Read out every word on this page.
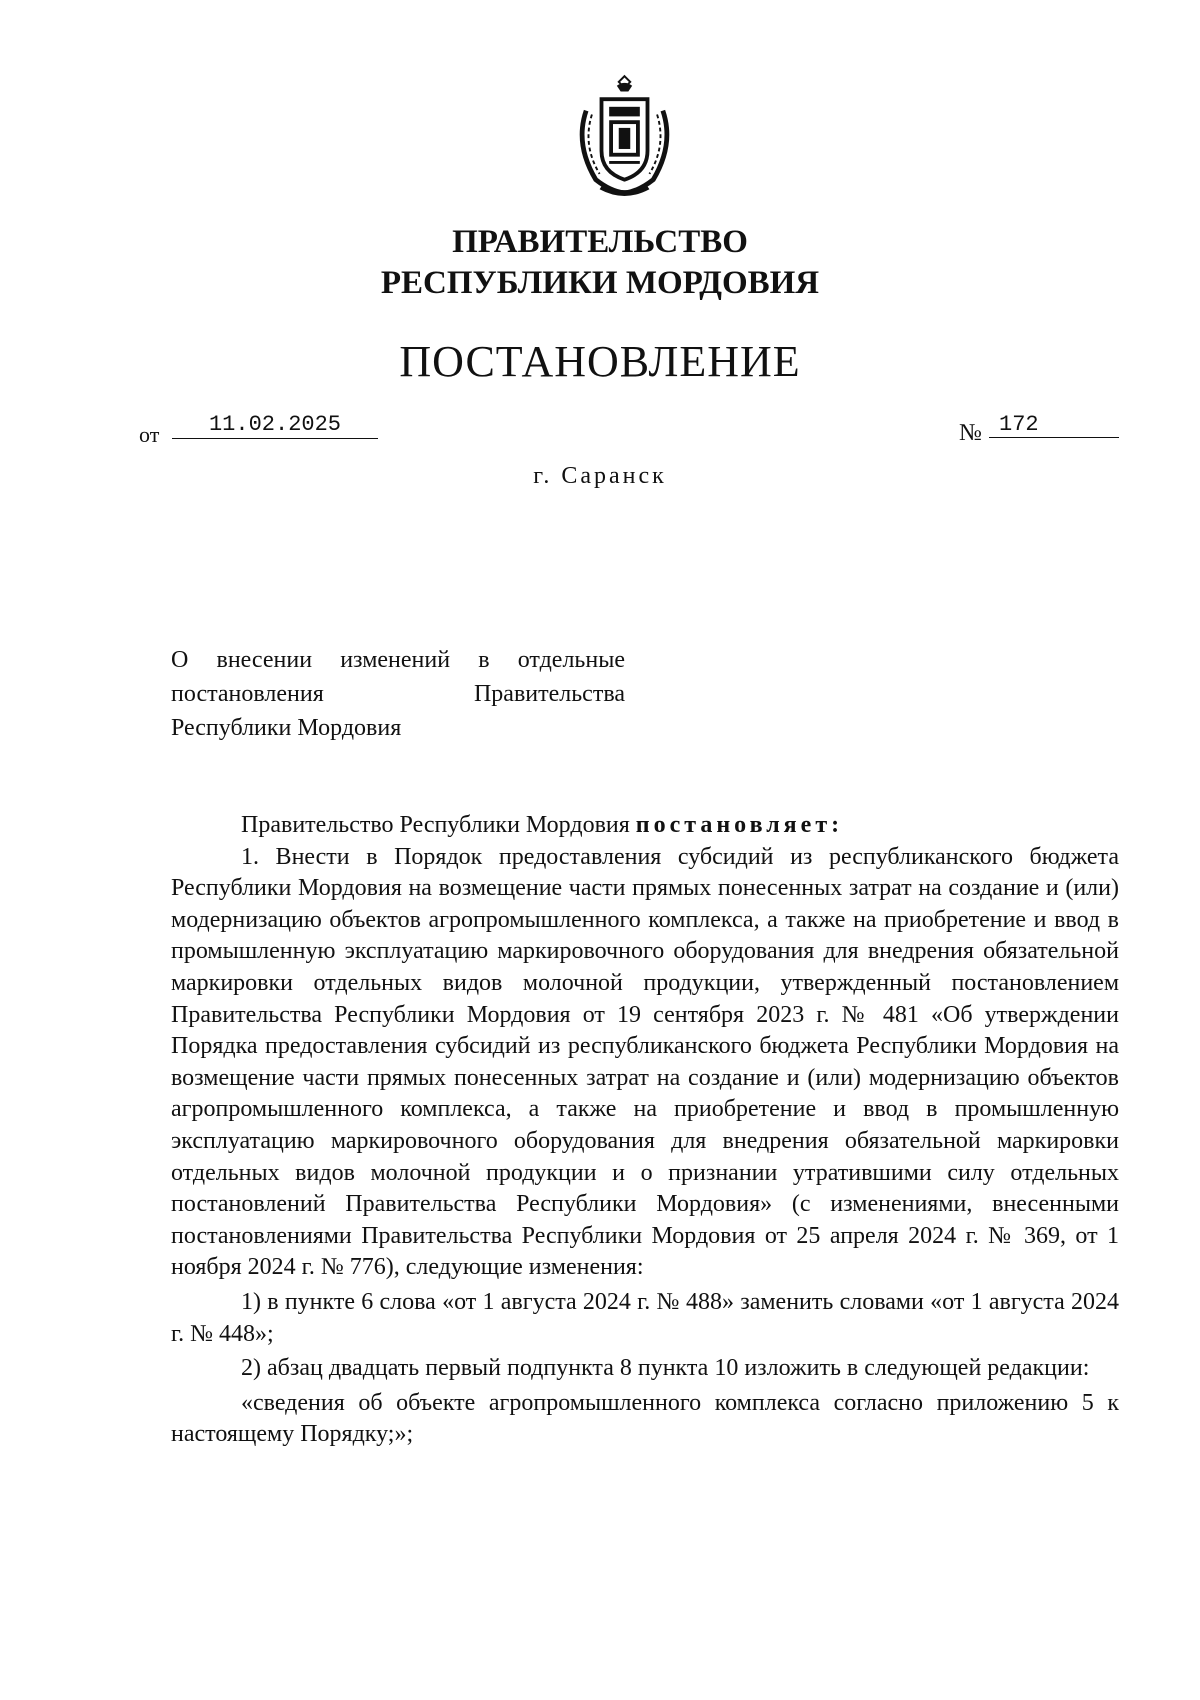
ПРАВИТЕЛЬСТВО
РЕСПУБЛИКИ МОРДОВИЯ
ПОСТАНОВЛЕНИЕ
от	11.02.2025	№ 172
г. Саранск
О внесении изменений в отдельные
постановления Правительства
Республики Мордовия

Правительство Республики Мордовия постановляет:

1. Внести в Порядок предоставления субсидий из республиканского бюджета Республики Мордовия на возмещение части прямых понесенных затрат на создание и (или) модернизацию объектов агропромышленного комплекса, а также на приобретение и ввод в промышленную эксплуатацию маркировочного оборудования для внедрения обязательной маркировки отдельных видов молочной продукции, утвержденный постановлением Правительства Республики Мордовия от 19 сентября 2023 г. № 481 «Об утверждении Порядка предоставления субсидий из республиканского бюджета Республики Мордовия на возмещение части прямых понесенных затрат на создание и (или) модернизацию объектов агропромышленного комплекса, а также на приобретение и ввод в промышленную эксплуатацию маркировочного оборудования для внедрения обязательной маркировки отдельных видов молочной продукции и о признании утратившими силу отдельных постановлений Правительства Республики Мордовия» (с изменениями, внесенными постановлениями Правительства Республики Мордовия от 25 апреля 2024 г. № 369, от 1 ноября 2024 г. № 776), следующие изменения:

1) в пункте 6 слова «от 1 августа 2024 г. № 488» заменить словами «от 1 августа 2024 г. № 448»;

2) абзац двадцать первый подпункта 8 пункта 10 изложить в следующей редакции:

«сведения об объекте агропромышленного комплекса согласно приложению 5 к настоящему Порядку;»;
